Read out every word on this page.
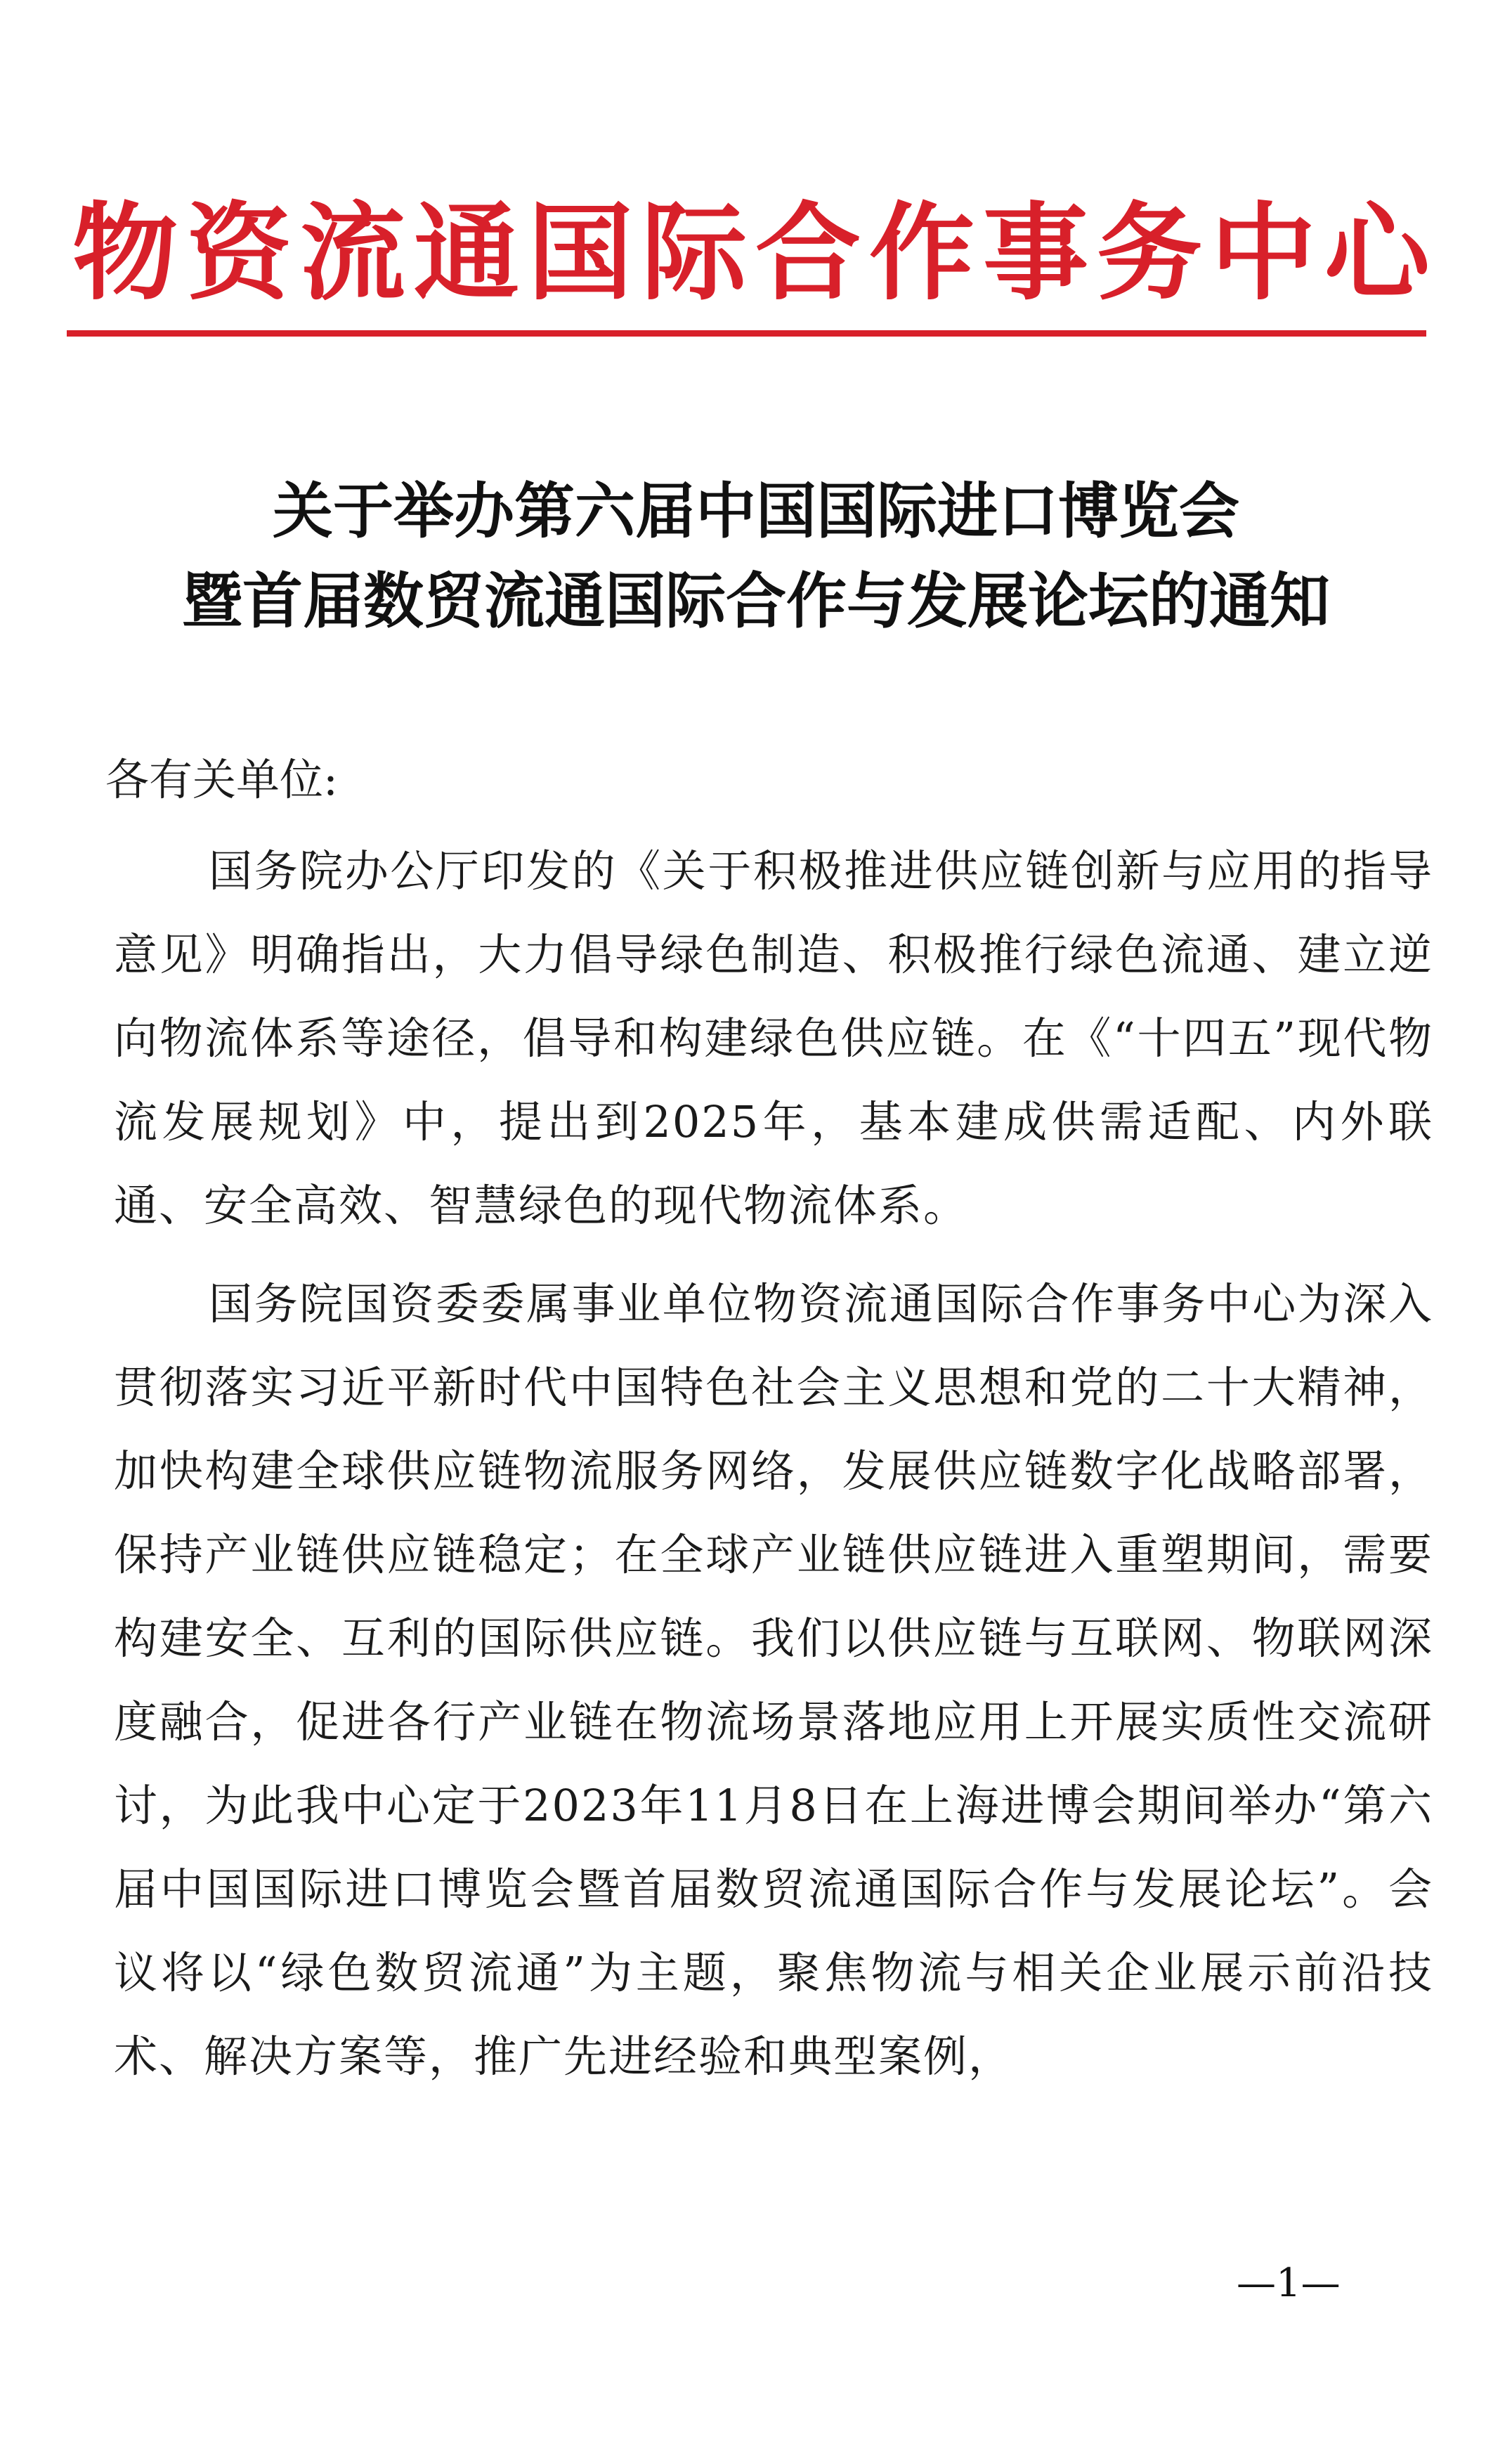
物资流通国际合作事务中心
关于举办第六届中国国际进口博览会
暨首届数贸流通国际合作与发展论坛的通知
各有关单位:
国务院办公厅印发的《关于积极推进供应链创新与应用的指导意见》明确指出，大力倡导绿色制造、积极推行绿色流通、建立逆向物流体系等途径，倡导和构建绿色供应链。在《“十四五”现代物流发展规划》中，提出到2025年，基本建成供需适配、内外联通、安全高效、智慧绿色的现代物流体系。
国务院国资委委属事业单位物资流通国际合作事务中心为深入贯彻落实习近平新时代中国特色社会主义思想和党的二十大精神，加快构建全球供应链物流服务网络，发展供应链数字化战略部署，保持产业链供应链稳定；在全球产业链供应链进入重塑期间，需要构建安全、互利的国际供应链。我们以供应链与互联网、物联网深度融合，促进各行产业链在物流场景落地应用上开展实质性交流研讨，为此我中心定于2023年11月8日在上海进博会期间举办“第六届中国国际进口博览会暨首届数贸流通国际合作与发展论坛”。会议将以“绿色数贸流通”为主题，聚焦物流与相关企业展示前沿技术、解决方案等，推广先进经验和典型案例，
—1—
